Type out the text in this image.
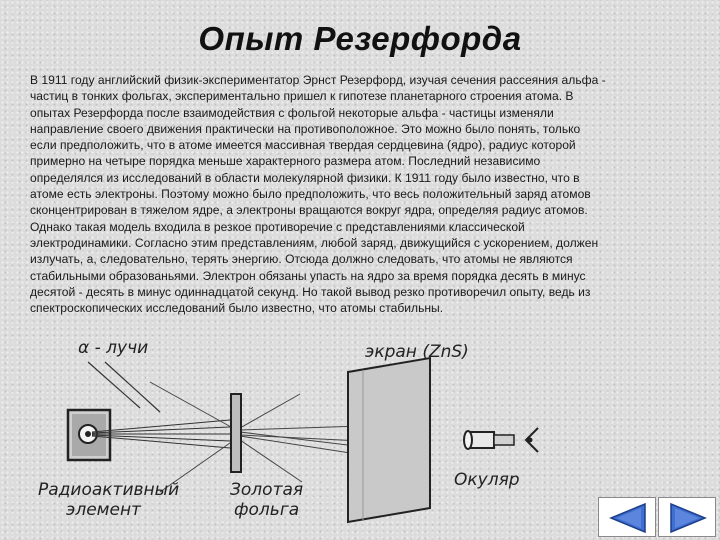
Опыт Резерфорда
В 1911 году английский физик-экспериментатор Эрнст Резерфорд, изучая сечения рассеяния альфа -
частиц в тонких фольгах, экспериментально пришел к гипотезе планетарного строения атома. В
опытах Резерфорда после взаимодействия с фольгой некоторые альфа - частицы изменяли
направление своего движения практически на противоположное. Это можно было понять, только
если предположить, что в атоме имеется массивная твердая сердцевина (ядро), радиус которой
примерно на четыре порядка меньше характерного размера атом. Последний независимо
определялся из исследований в области молекулярной физики. К 1911 году было известно, что в
атоме есть электроны. Поэтому можно было предположить, что весь положительный заряд атомов
сконцентрирован в тяжелом ядре, а электроны вращаются вокруг ядра, определяя радиус атомов.
Однако такая модель входила в резкое противоречие с представлениями классической
электродинамики. Согласно этим представлениям, любой заряд, движущийся с ускорением, должен
излучать, а, следовательно, терять энергию. Отсюда должно следовать, что атомы не являются
стабильными образованьями. Электрон обязаны упасть на ядро за время порядка десять в минус
десятой - десять в минус одиннадцатой секунд. Но такой вывод резко противоречил опыту, ведь из
спектроскопических исследований было известно, что атомы стабильны.
α - лучи	экран (ZnS)
Радиоактивный
элемент
Золотая
фольга
Окуляр
